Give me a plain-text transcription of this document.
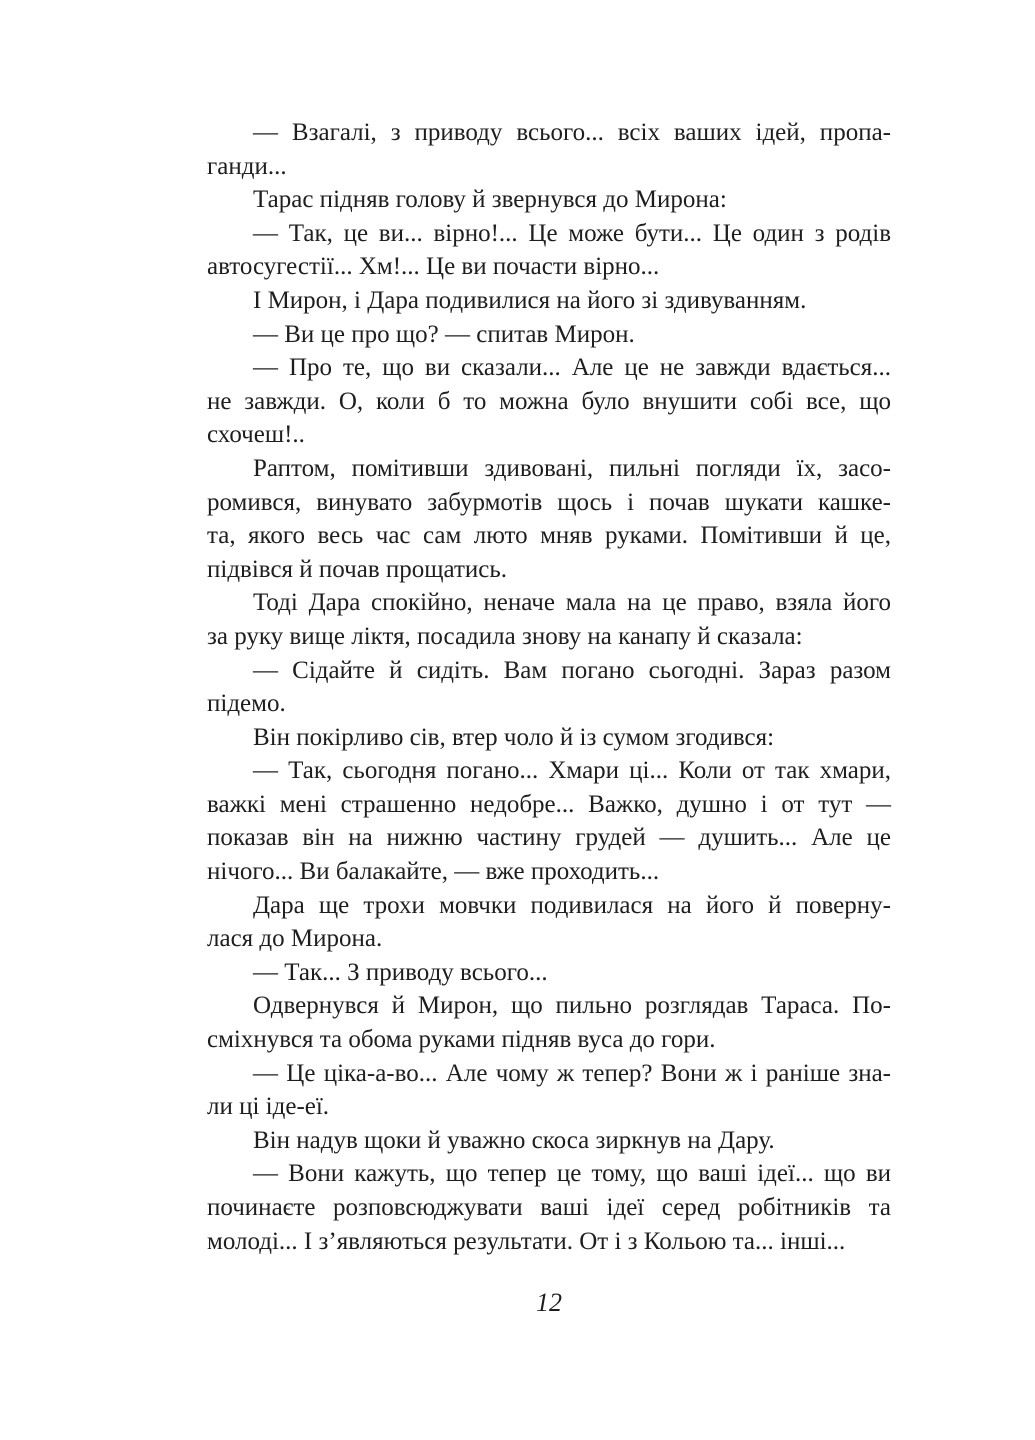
— Взагалі, з приводу всього... всіх ваших ідей, пропа-
ганди...
Тарас підняв голову й звернувся до Мирона:
— Так, це ви... вірно!... Це може бути... Це один з родів
автосугестії... Хм!... Це ви почасти вірно...
І Мирон, і Дара подивилися на його зі здивуванням.
— Ви це про що? — спитав Мирон.
— Про те, що ви сказали... Але це не завжди вдається...
не завжди. О, коли б то можна було внушити собі все, що
схочеш!..
Раптом, помітивши здивовані, пильні погляди їх, засо-
ромився, винувато забурмотів щось і почав шукати кашке-
та, якого весь час сам люто мняв руками. Помітивши й це,
підвівся й почав прощатись.
Тоді Дара спокійно, неначе мала на це право, взяла його
за руку вище ліктя, посадила знову на канапу й сказала:
— Сідайте й сидіть. Вам погано сьогодні. Зараз разом
підемо.
Він покірливо сів, втер чоло й із сумом згодився:
— Так, сьогодня погано... Хмари ці... Коли от так хмари,
важкі мені страшенно недобре... Важко, душно і от тут —
показав він на нижню частину грудей — душить... Але це
нічого... Ви балакайте, — вже проходить...
Дара ще трохи мовчки подивилася на його й поверну-
лася до Мирона.
— Так... З приводу всього...
Одвернувся й Мирон, що пильно розглядав Тараса. По-
сміхнувся та обома руками підняв вуса до гори.
— Це ціка-а-во... Але чому ж тепер? Вони ж і раніше зна-
ли ці іде-еї.
Він надув щоки й уважно скоса зиркнув на Дару.
— Вони кажуть, що тепер це тому, що ваші ідеї... що ви
починаєте розповсюджувати ваші ідеї серед робітників та
молоді... І з’являються результати. От і з Кольою та... інші...
12
